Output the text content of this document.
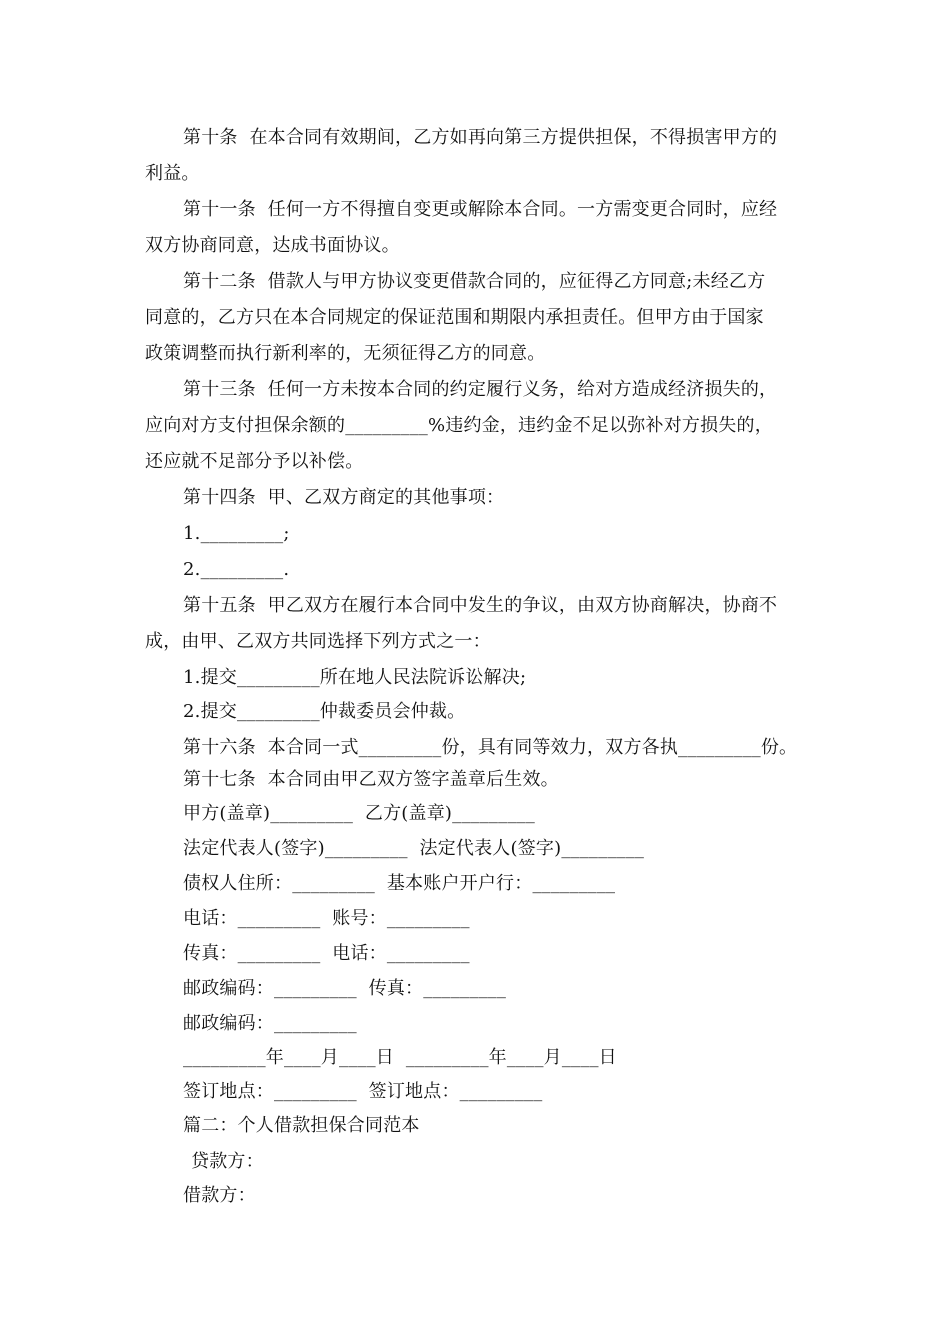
第十条  在本合同有效期间，乙方如再向第三方提供担保，不得损害甲方的
利益。
第十一条  任何一方不得擅自变更或解除本合同。一方需变更合同时，应经
双方协商同意，达成书面协议。
第十二条  借款人与甲方协议变更借款合同的，应征得乙方同意;未经乙方
同意的，乙方只在本合同规定的保证范围和期限内承担责任。但甲方由于国家
政策调整而执行新利率的，无须征得乙方的同意。
第十三条  任何一方未按本合同的约定履行义务，给对方造成经济损失的，
应向对方支付担保余额的_________%违约金，违约金不足以弥补对方损失的，
还应就不足部分予以补偿。
第十四条  甲、乙双方商定的其他事项：
1._________;
2._________.
第十五条  甲乙双方在履行本合同中发生的争议，由双方协商解决，协商不
成，由甲、乙双方共同选择下列方式之一：
1.提交_________所在地人民法院诉讼解决;
2.提交_________仲裁委员会仲裁。
第十六条  本合同一式_________份，具有同等效力，双方各执_________份。
第十七条  本合同由甲乙双方签字盖章后生效。
甲方(盖章)_________  乙方(盖章)_________
法定代表人(签字)_________  法定代表人(签字)_________
债权人住所：_________  基本账户开户行：_________
电话：_________  账号：_________
传真：_________  电话：_________
邮政编码：_________  传真：_________
邮政编码：_________
_________年____月____日  _________年____月____日
签订地点：_________  签订地点：_________
篇二：个人借款担保合同范本
贷款方：
借款方：
